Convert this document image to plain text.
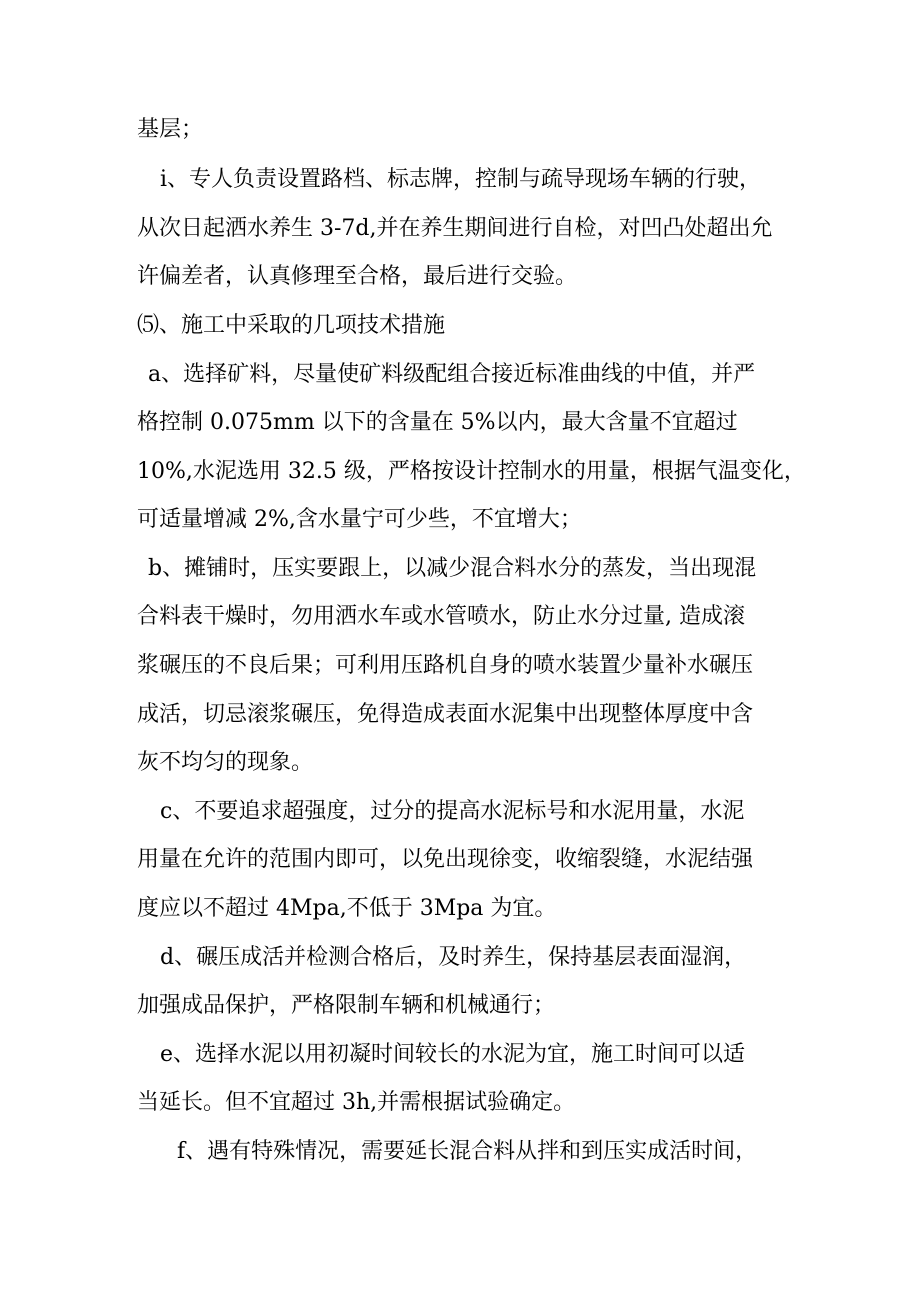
基层；
i、专人负责设置路档、标志牌，控制与疏导现场车辆的行驶，
从次日起洒水养生 3-7d,并在养生期间进行自检，对凹凸处超出允
许偏差者，认真修理至合格，最后进行交验。
⑸、施工中采取的几项技术措施
a、选择矿料，尽量使矿料级配组合接近标准曲线的中值，并严
格控制 0.075mm 以下的含量在 5%以内，最大含量不宜超过
10%,水泥选用 32.5 级，严格按设计控制水的用量，根据气温变化，
可适量增减 2%,含水量宁可少些，不宜增大；
b、摊铺时，压实要跟上，以减少混合料水分的蒸发，当出现混
合料表干燥时，勿用洒水车或水管喷水，防止水分过量, 造成滚
浆碾压的不良后果；可利用压路机自身的喷水装置少量补水碾压
成活，切忌滚浆碾压，免得造成表面水泥集中出现整体厚度中含
灰不均匀的现象。
c、不要追求超强度，过分的提高水泥标号和水泥用量，水泥
用量在允许的范围内即可，以免出现徐变，收缩裂缝，水泥结强
度应以不超过 4Mpa,不低于 3Mpa 为宜。
d、碾压成活并检测合格后，及时养生，保持基层表面湿润，
加强成品保护，严格限制车辆和机械通行；
e、选择水泥以用初凝时间较长的水泥为宜，施工时间可以适
当延长。但不宜超过 3h,并需根据试验确定。
f、遇有特殊情况，需要延长混合料从拌和到压实成活时间，
